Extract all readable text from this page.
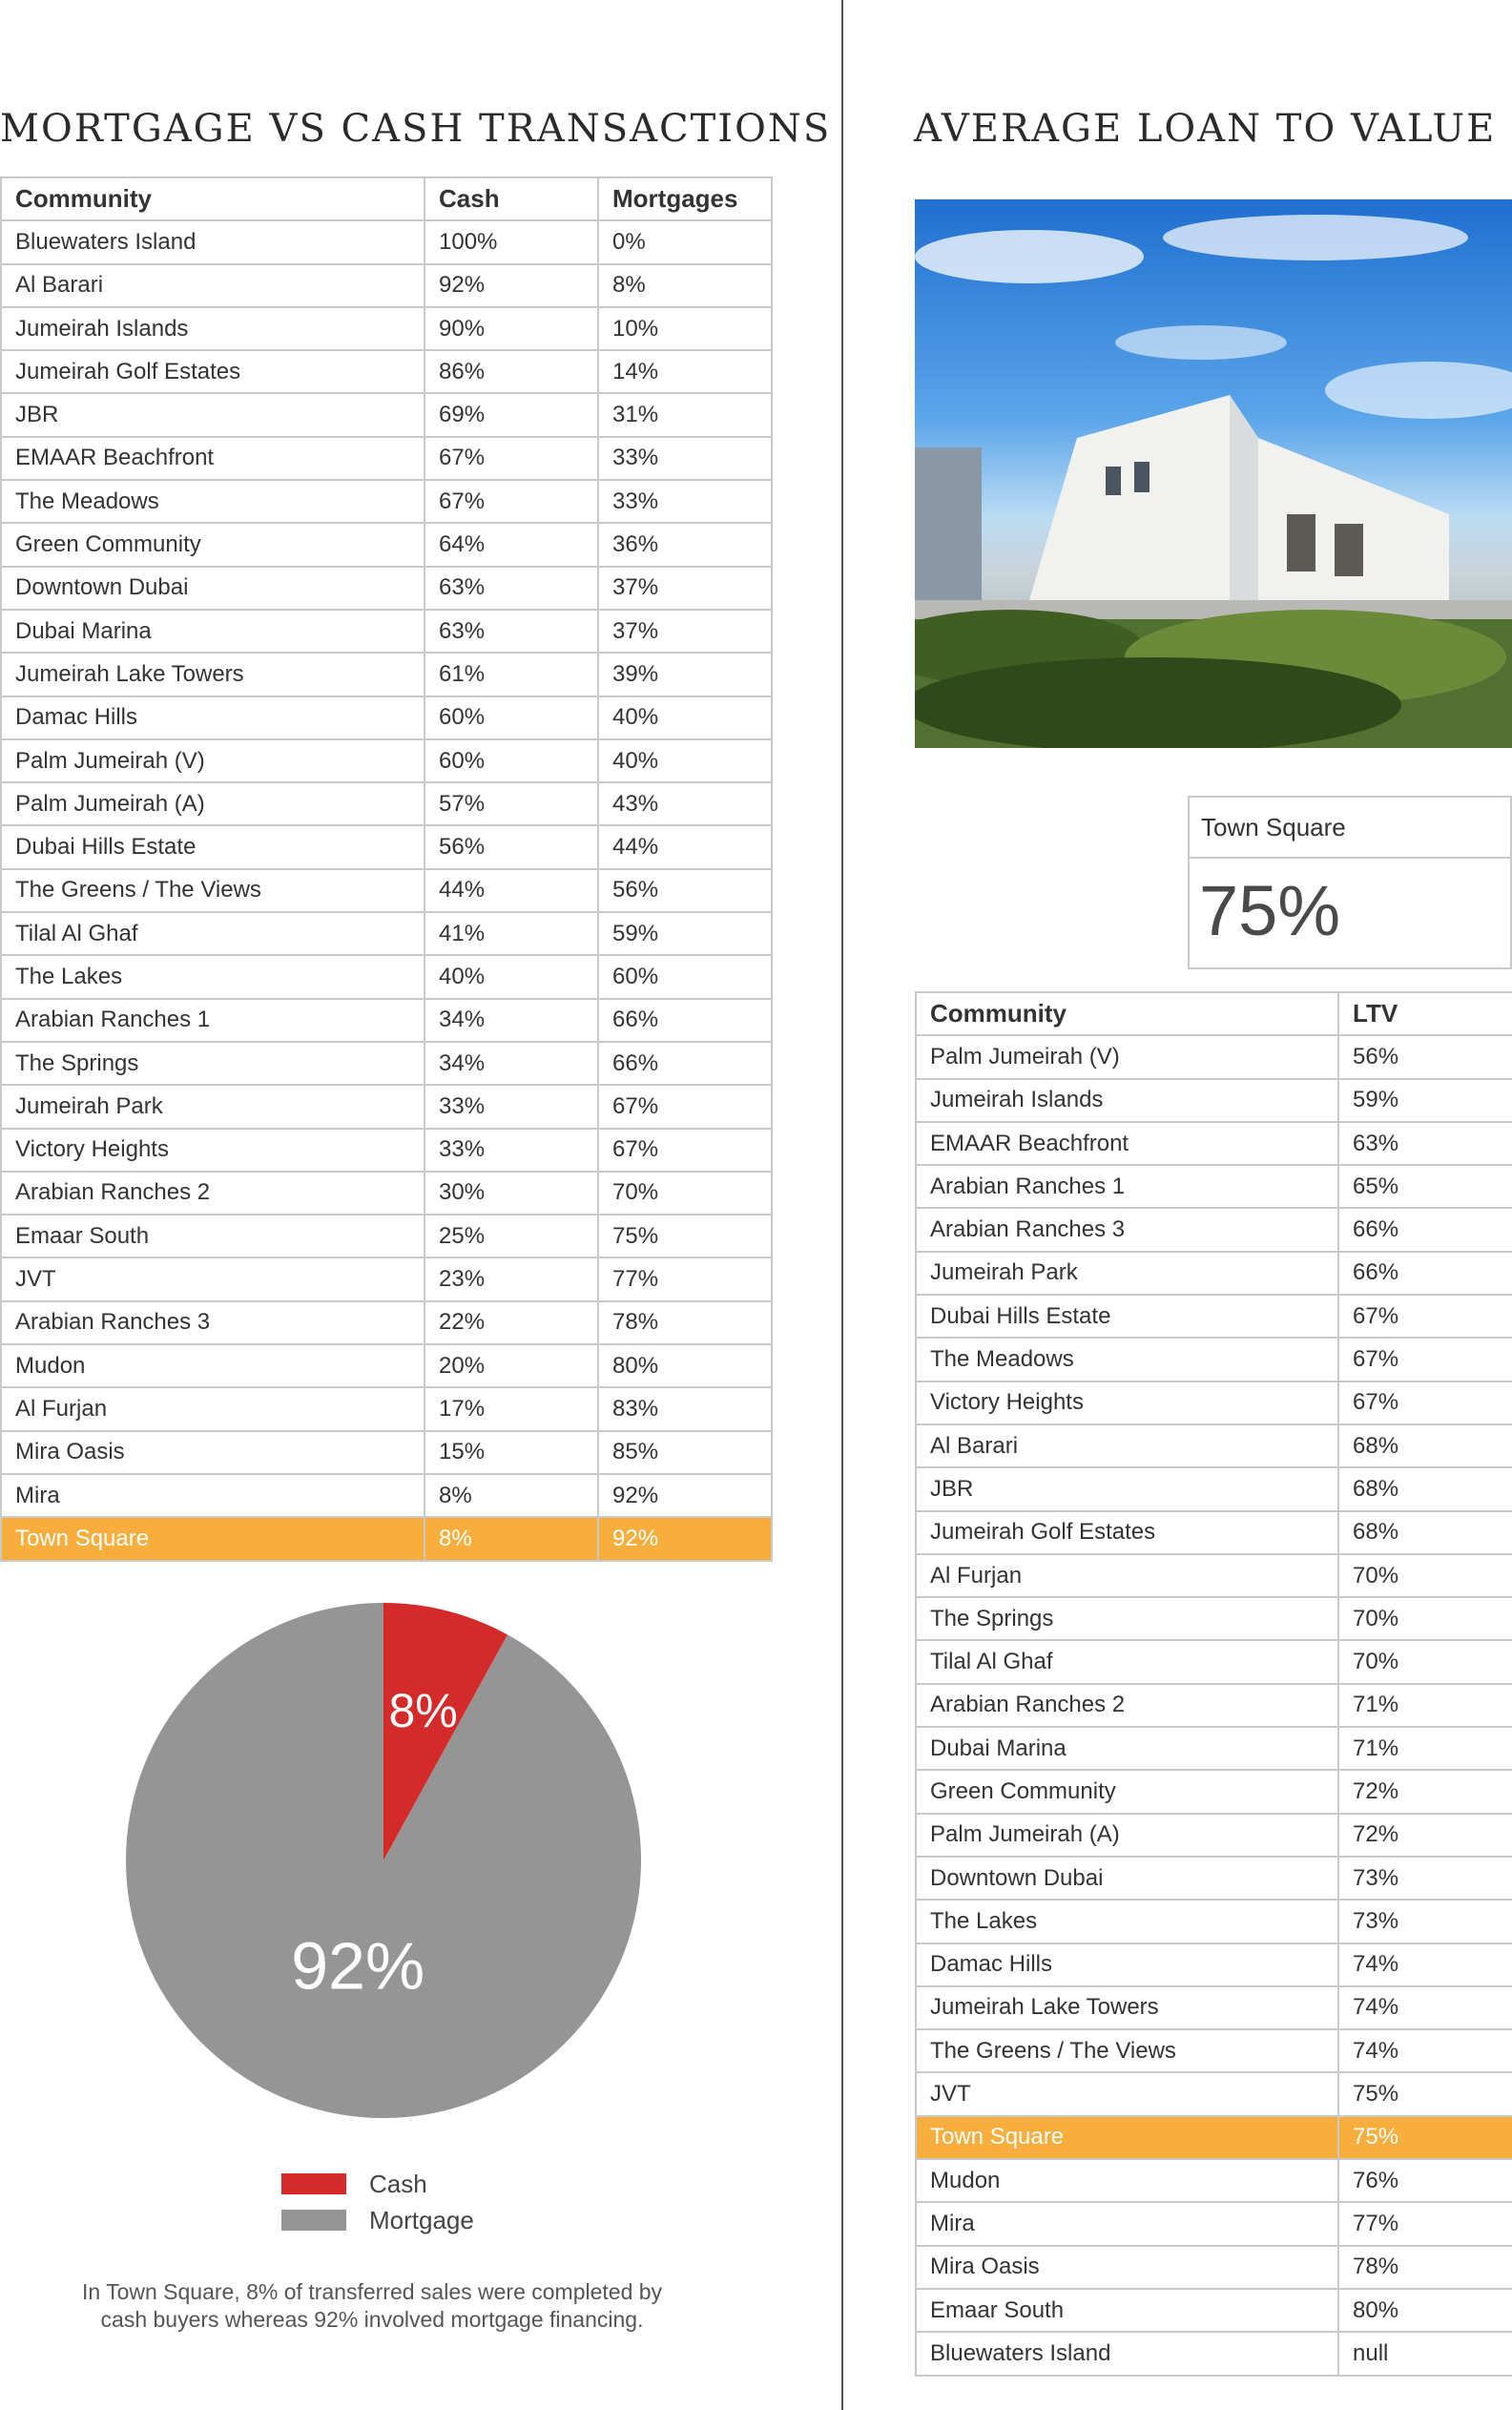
MORTGAGE VS CASH TRANSACTIONS AVERAGE LOAN TO VALUE
Community	Cash	Mortgages
Bluewaters Island	100%	0%
Al Barari	92%	8%
Jumeirah Islands	90%	10%
Jumeirah Golf Estates	86%	14%
JBR	69%	31%
EMAAR Beachfront	67%	33%
The Meadows	67%	33%
Green Community	64%	36%
Downtown Dubai	63%	37%
Dubai Marina	63%	37%
Jumeirah Lake Towers	61%	39%
Damac Hills	60%	40%
Palm Jumeirah (V)	60%	40%
Palm Jumeirah (A)	57%	43%
Dubai Hills Estate	56%	44%
The Greens / The Views	44%	56%
Tilal Al Ghaf	41%	59%
The Lakes	40%	60%
Arabian Ranches 1	34%	66%
The Springs	34%	66%
Jumeirah Park	33%	67%
Victory Heights	33%	67%
Arabian Ranches 2	30%	70%
Emaar South	25%	75%
JVT	23%	77%
Arabian Ranches 3	22%	78%
Mudon	20%	80%
Al Furjan	17%	83%
Mira Oasis	15%	85%
Mira	8%	92%
Town Square	8%	92%
Town Square
75%
Community	LTV
Palm Jumeirah (V)	56%
Jumeirah Islands	59%
EMAAR Beachfront	63%
Arabian Ranches 1	65%
Arabian Ranches 3	66%
Jumeirah Park	66%
Dubai Hills Estate	67%
The Meadows	67%
Victory Heights	67%
Al Barari	68%
JBR	68%
Jumeirah Golf Estates	68%
Al Furjan	70%
The Springs	70%
Tilal Al Ghaf	70%
Arabian Ranches 2	71%
Dubai Marina	71%
Green Community	72%
Palm Jumeirah (A)	72%
Downtown Dubai	73%
The Lakes	73%
Damac Hills	74%
Jumeirah Lake Towers	74%
The Greens / The Views	74%
JVT	75%
Town Square	75%
Mudon	76%
Mira	77%
Mira Oasis	78%
Emaar South	80%
Bluewaters Island	null
8%
92%
Cash
Mortgage

In Town Square, 8% of transferred sales were completed by cash buyers whereas 92% involved mortgage financing.
